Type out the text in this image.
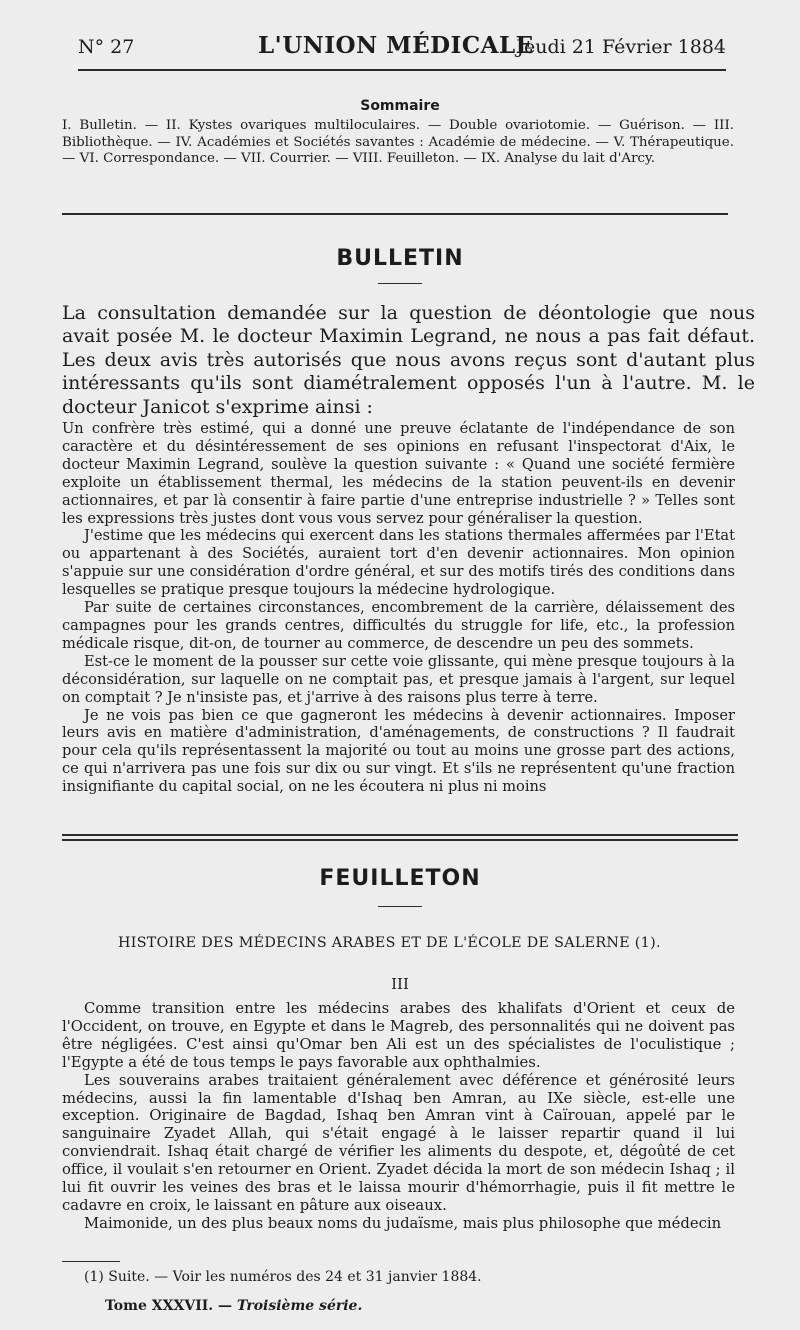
N° 27	L'UNION MÉDICALE
Jeudi 21 Février 1884
Sommaire
I. Bulletin. — II. Kystes ovariques multiloculaires. — Double ovariotomie. — Guérison. — III. Bibliothèque. — IV. Académies et Sociétés savantes : Académie de médecine. — V. Thérapeutique. — VI. Correspondance. — VII. Courrier. — VIII. Feuilleton. — IX. Analyse du lait d'Arcy.
BULLETIN
La consultation demandée sur la question de déontologie que nous avait posée M. le docteur Maximin Legrand, ne nous a pas fait défaut. Les deux avis très autorisés que nous avons reçus sont d'autant plus intéressants qu'ils sont diamétralement opposés l'un à l'autre. M. le docteur Janicot s'exprime ainsi :

Un confrère très estimé, qui a donné une preuve éclatante de l'indépendance de son caractère et du désintéressement de ses opinions en refusant l'inspectorat d'Aix, le docteur Maximin Legrand, soulève la question suivante : « Quand une société fermière exploite un établissement thermal, les médecins de la station peuvent-ils en devenir actionnaires, et par là consentir à faire partie d'une entreprise industrielle ? » Telles sont les expressions très justes dont vous vous servez pour généraliser la question.

J'estime que les médecins qui exercent dans les stations thermales affermées par l'Etat ou appartenant à des Sociétés, auraient tort d'en devenir actionnaires. Mon opinion s'appuie sur une considération d'ordre général, et sur des motifs tirés des conditions dans lesquelles se pratique presque toujours la médecine hydrologique.

Par suite de certaines circonstances, encombrement de la carrière, délaissement des campagnes pour les grands centres, difficultés du struggle for life, etc., la profession médicale risque, dit-on, de tourner au commerce, de descendre un peu des sommets.

Est-ce le moment de la pousser sur cette voie glissante, qui mène presque toujours à la déconsidération, sur laquelle on ne comptait pas, et presque jamais à l'argent, sur lequel on comptait ? Je n'insiste pas, et j'arrive à des raisons plus terre à terre.

Je ne vois pas bien ce que gagneront les médecins à devenir actionnaires. Imposer leurs avis en matière d'administration, d'aménagements, de constructions ? Il faudrait pour cela qu'ils représentassent la majorité ou tout au moins une grosse part des actions, ce qui n'arrivera pas une fois sur dix ou sur vingt. Et s'ils ne représentent qu'une fraction insignifiante du capital social, on ne les écoutera ni plus ni moins

FEUILLETON
HISTOIRE DES MÉDECINS ARABES ET DE L'ÉCOLE DE SALERNE (1).
III

Comme transition entre les médecins arabes des khalifats d'Orient et ceux de l'Occident, on trouve, en Egypte et dans le Magreb, des personnalités qui ne doivent pas être négligées. C'est ainsi qu'Omar ben Ali est un des spécialistes de l'oculistique ; l'Egypte a été de tous temps le pays favorable aux ophthalmies.

Les souverains arabes traitaient généralement avec déférence et générosité leurs médecins, aussi la fin lamentable d'Ishaq ben Amran, au IXe siècle, est-elle une exception. Originaire de Bagdad, Ishaq ben Amran vint à Caïrouan, appelé par le sanguinaire Zyadet Allah, qui s'était engagé à le laisser repartir quand il lui conviendrait. Ishaq était chargé de vérifier les aliments du despote, et, dégoûté de cet office, il voulait s'en retourner en Orient. Zyadet décida la mort de son médecin Ishaq ; il lui fit ouvrir les veines des bras et le laissa mourir d'hémorrhagie, puis il fit mettre le cadavre en croix, le laissant en pâture aux oiseaux.

Maimonide, un des plus beaux noms du judaïsme, mais plus philosophe que médecin

(1) Suite. — Voir les numéros des 24 et 31 janvier 1884.
Tome XXXVII. — Troisième série.
